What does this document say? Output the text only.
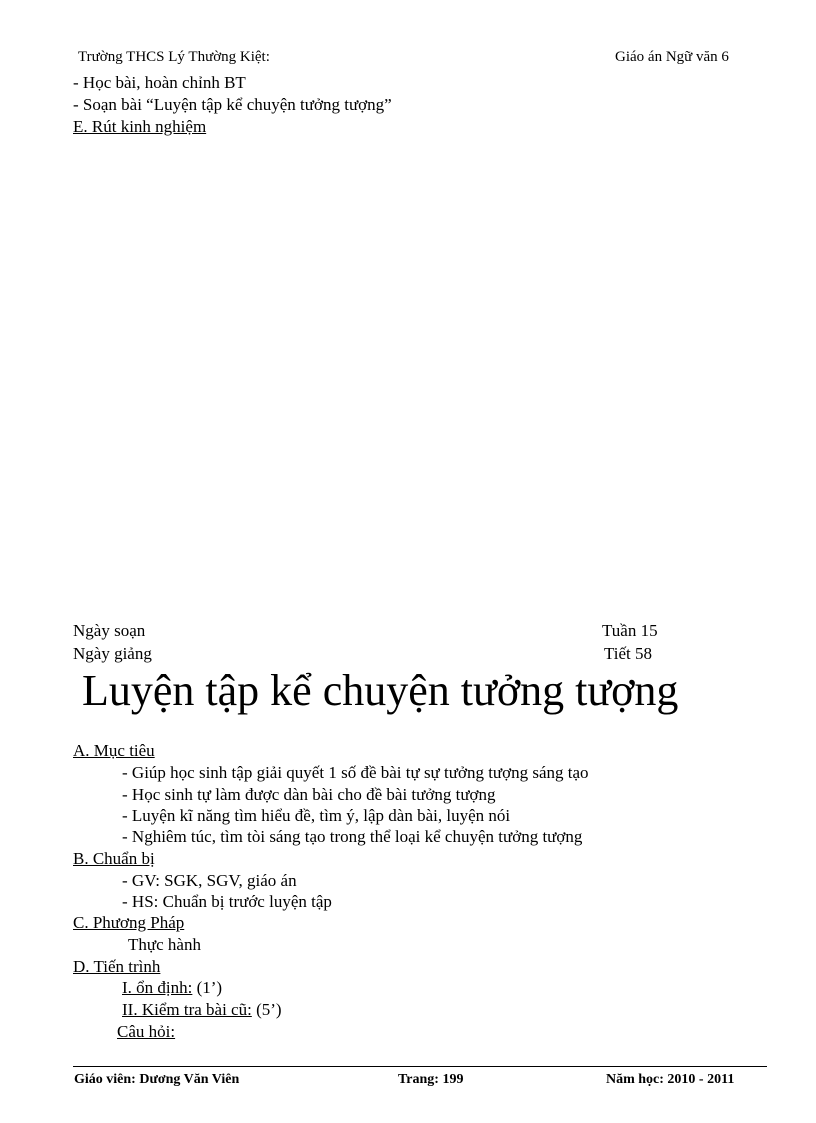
Trường THCS Lý Thường Kiệt:	Giáo án Ngữ văn 6
- Học bài, hoàn chỉnh BT
- Soạn bài “Luyện tập kể chuyện tưởng tượng”
E. Rút kinh nghiệm
Ngày soạn	Tuần 15
Ngày giảng	Tiết 58
Luyện tập kể chuyện tưởng tượng
A. Mục tiêu
- Giúp học sinh tập giải quyết 1 số đề bài tự sự tưởng tượng sáng tạo
- Học sinh tự làm được dàn bài cho đề bài tưởng tượng
- Luyện kĩ năng tìm hiểu đề, tìm ý, lập dàn bài, luyện nói
- Nghiêm túc, tìm tòi sáng tạo trong thể loại kể chuyện tưởng tượng
B. Chuẩn bị
- GV: SGK, SGV, giáo án
- HS: Chuẩn bị trước luyện tập
C. Phương Pháp
Thực hành
D. Tiến trình
I. ổn định: (1’)
II. Kiểm tra bài cũ: (5’)
Câu hỏi:
Giáo viên: Dương Văn Viên	Trang: 199	Năm học: 2010 - 2011
